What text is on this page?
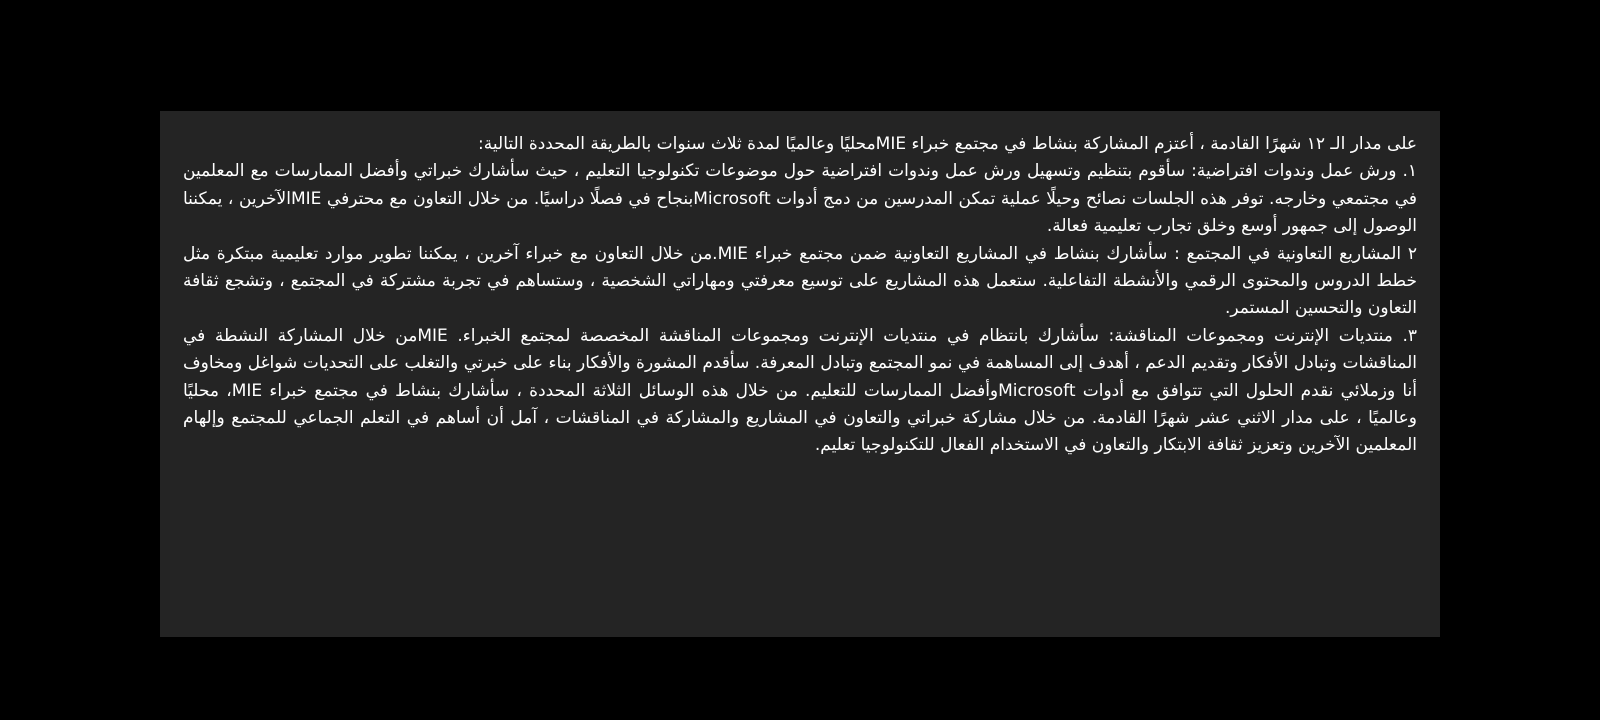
على مدار الـ ١٢ شهرًا القادمة ، أعتزم المشاركة بنشاط في مجتمع خبراء MIEمحليًا وعالميًا لمدة ثلاث سنوات بالطريقة المحددة التالية:

١. ورش عمل وندوات افتراضية: سأقوم بتنظيم وتسهيل ورش عمل وندوات افتراضية حول موضوعات تكنولوجيا التعليم ، حيث سأشارك خبراتي وأفضل الممارسات مع المعلمين في مجتمعي وخارجه. توفر هذه الجلسات نصائح وحيلًا عملية تمكن المدرسين من دمج أدوات Microsoftبنجاح في فصلًا دراسيًا. من خلال التعاون مع محترفي MIEالآخرين ، يمكننا الوصول إلى جمهور أوسع وخلق تجارب تعليمية فعالة.

٢ المشاريع التعاونية في المجتمع : سأشارك بنشاط في المشاريع التعاونية ضمن مجتمع خبراء MIE.من خلال التعاون مع خبراء آخرين ، يمكننا تطوير موارد تعليمية مبتكرة مثل خطط الدروس والمحتوى الرقمي والأنشطة التفاعلية. ستعمل هذه المشاريع على توسيع معرفتي ومهاراتي الشخصية ، وستساهم في تجربة مشتركة في المجتمع ، وتشجع ثقافة التعاون والتحسين المستمر.

٣. منتديات الإنترنت ومجموعات المناقشة: سأشارك بانتظام في منتديات الإنترنت ومجموعات المناقشة المخصصة لمجتمع الخبراء. MIEمن خلال المشاركة النشطة في المناقشات وتبادل الأفكار وتقديم الدعم ، أهدف إلى المساهمة في نمو المجتمع وتبادل المعرفة. سأقدم المشورة والأفكار بناء على خبرتي والتغلب على التحديات شواغل ومخاوف أنا وزملائي نقدم الحلول التي تتوافق مع أدوات Microsoftوأفضل الممارسات للتعليم. من خلال هذه الوسائل الثلاثة المحددة ، سأشارك بنشاط في مجتمع خبراء MIE، محليًا وعالميًا ، على مدار الاثني عشر شهرًا القادمة. من خلال مشاركة خبراتي والتعاون في المشاريع والمشاركة في المناقشات ، آمل أن أساهم في التعلم الجماعي للمجتمع وإلهام المعلمين الآخرين وتعزيز ثقافة الابتكار والتعاون في الاستخدام الفعال للتكنولوجيا تعليم.
